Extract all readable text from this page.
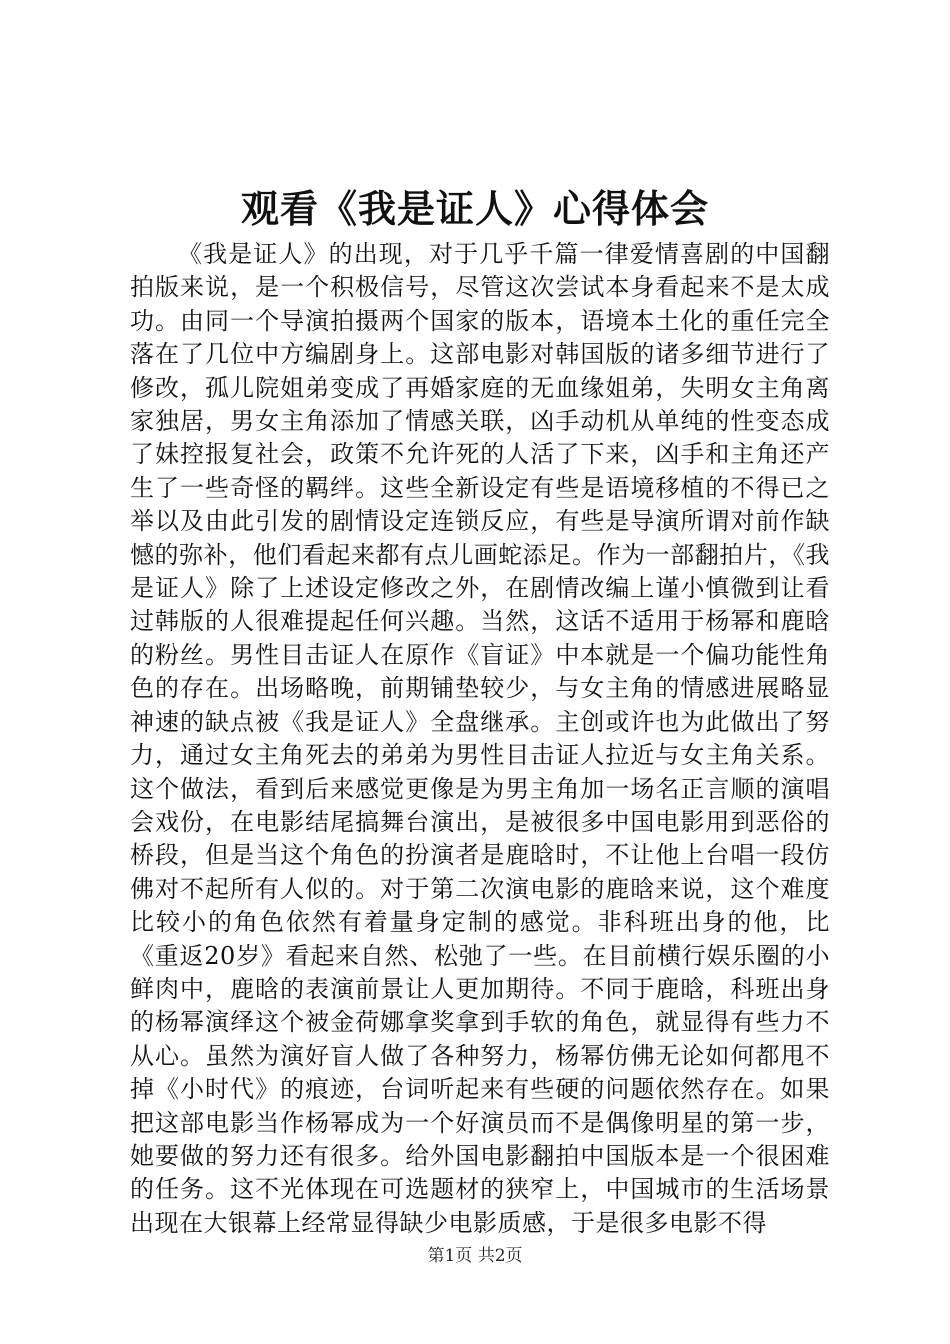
观看《我是证人》心得体会

《我是证人》的出现，对于几乎千篇一律爱情喜剧的中国翻拍版来说，是一个积极信号，尽管这次尝试本身看起来不是太成功。由同一个导演拍摄两个国家的版本，语境本土化的重任完全落在了几位中方编剧身上。这部电影对韩国版的诸多细节进行了修改，孤儿院姐弟变成了再婚家庭的无血缘姐弟，失明女主角离家独居，男女主角添加了情感关联，凶手动机从单纯的性变态成了妹控报复社会，政策不允许死的人活了下来，凶手和主角还产生了一些奇怪的羁绊。这些全新设定有些是语境移植的不得已之举以及由此引发的剧情设定连锁反应，有些是导演所谓对前作缺憾的弥补，他们看起来都有点儿画蛇添足。作为一部翻拍片，《我是证人》除了上述设定修改之外，在剧情改编上谨小慎微到让看过韩版的人很难提起任何兴趣。当然，这话不适用于杨幂和鹿晗的粉丝。男性目击证人在原作《盲证》中本就是一个偏功能性角色的存在。出场略晚，前期铺垫较少，与女主角的情感进展略显神速的缺点被《我是证人》全盘继承。主创或许也为此做出了努力，通过女主角死去的弟弟为男性目击证人拉近与女主角关系。这个做法，看到后来感觉更像是为男主角加一场名正言顺的演唱会戏份，在电影结尾搞舞台演出，是被很多中国电影用到恶俗的桥段，但是当这个角色的扮演者是鹿晗时，不让他上台唱一段仿佛对不起所有人似的。对于第二次演电影的鹿晗来说，这个难度比较小的角色依然有着量身定制的感觉。非科班出身的他，比《重返20岁》看起来自然、松弛了一些。在目前横行娱乐圈的小鲜肉中，鹿晗的表演前景让人更加期待。不同于鹿晗，科班出身的杨幂演绎这个被金荷娜拿奖拿到手软的角色，就显得有些力不从心。虽然为演好盲人做了各种努力，杨幂仿佛无论如何都甩不掉《小时代》的痕迹，台词听起来有些硬的问题依然存在。如果把这部电影当作杨幂成为一个好演员而不是偶像明星的第一步，她要做的努力还有很多。给外国电影翻拍中国版本是一个很困难的任务。这不光体现在可选题材的狭窄上，中国城市的生活场景出现在大银幕上经常显得缺少电影质感，于是很多电影不得

第1页 共2页
